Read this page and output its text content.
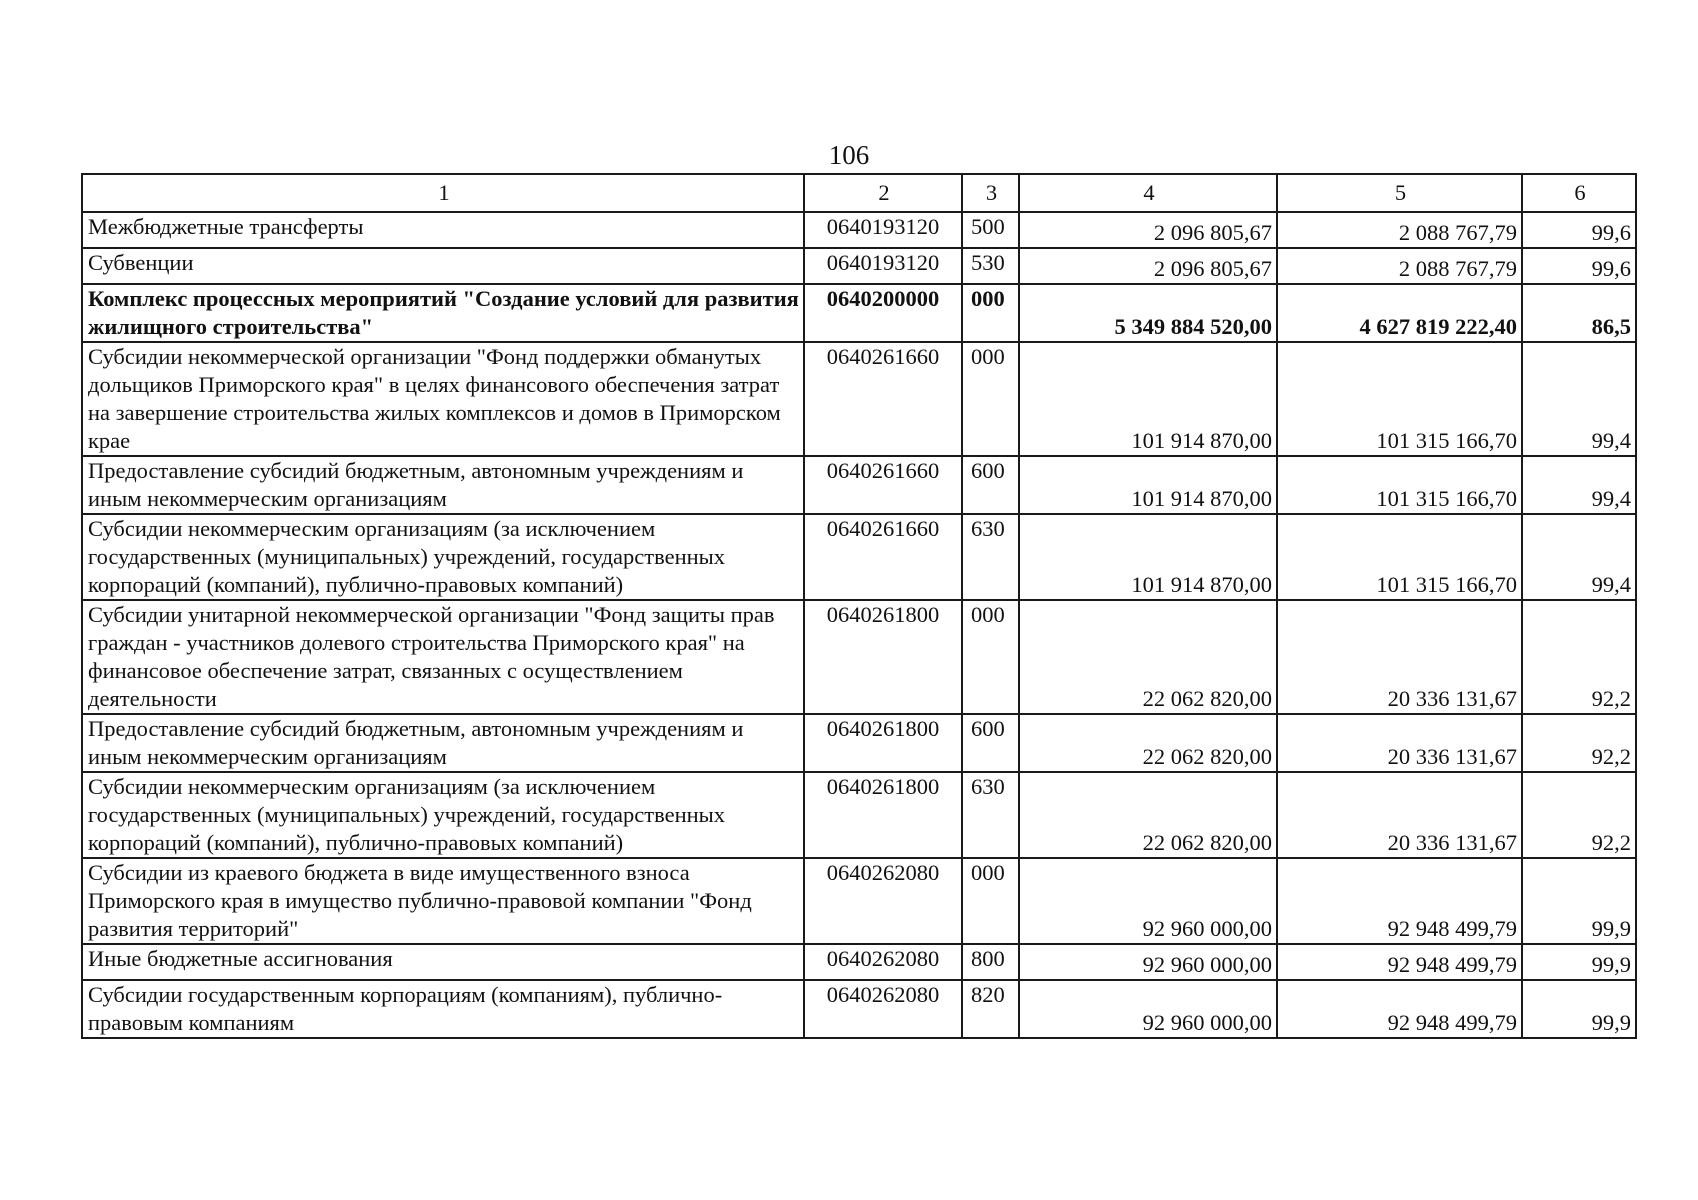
106
1	2	3	4	5	6
Межбюджетные трансферты	0640193120	500	2 096 805,67	2 088 767,79	99,6
Субвенции	0640193120	530	2 096 805,67	2 088 767,79	99,6
Комплекс процессных мероприятий "Создание условий для развития жилищного строительства"	0640200000	000	5 349 884 520,00	4 627 819 222,40	86,5
Субсидии некоммерческой организации "Фонд поддержки обманутых дольщиков Приморского края" в целях финансового обеспечения затрат на завершение строительства жилых комплексов и домов в Приморском крае	0640261660	000	101 914 870,00	101 315 166,70	99,4
Предоставление субсидий бюджетным, автономным учреждениям и иным некоммерческим организациям	0640261660	600	101 914 870,00	101 315 166,70	99,4
Субсидии некоммерческим организациям (за исключением государственных (муниципальных) учреждений, государственных корпораций (компаний), публично-правовых компаний)	0640261660	630	101 914 870,00	101 315 166,70	99,4
Субсидии унитарной некоммерческой организации "Фонд защиты прав граждан - участников долевого строительства Приморского края" на финансовое обеспечение затрат, связанных с осуществлением деятельности	0640261800	000	22 062 820,00	20 336 131,67	92,2
Предоставление субсидий бюджетным, автономным учреждениям и иным некоммерческим организациям	0640261800	600	22 062 820,00	20 336 131,67	92,2
Субсидии некоммерческим организациям (за исключением государственных (муниципальных) учреждений, государственных корпораций (компаний), публично-правовых компаний)	0640261800	630	22 062 820,00	20 336 131,67	92,2
Субсидии из краевого бюджета в виде имущественного взноса Приморского края в имущество публично-правовой компании "Фонд развития территорий"	0640262080	000	92 960 000,00	92 948 499,79	99,9
Иные бюджетные ассигнования	0640262080	800	92 960 000,00	92 948 499,79	99,9
Субсидии государственным корпорациям (компаниям), публично-правовым компаниям	0640262080	820	92 960 000,00	92 948 499,79	99,9
